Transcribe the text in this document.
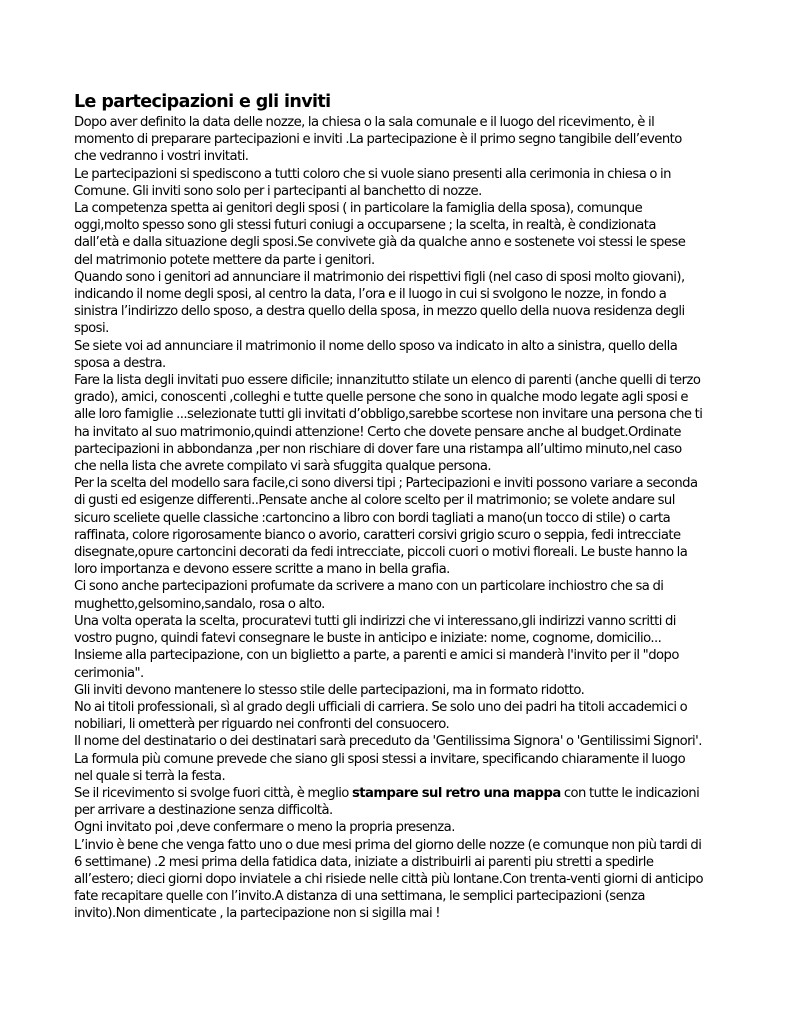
Le partecipazioni e gli inviti

Dopo aver definito la data delle nozze, la chiesa o la sala comunale e il luogo del ricevimento, è il momento di preparare partecipazioni e inviti .La partecipazione è il primo segno tangibile dell’evento che vedranno i vostri invitati.

Le partecipazioni si spediscono a tutti coloro che si vuole siano presenti alla cerimonia in chiesa o in Comune. Gli inviti sono solo per i partecipanti al banchetto di nozze.

La competenza spetta ai genitori degli sposi ( in particolare la famiglia della sposa), comunque oggi,molto spesso sono gli stessi futuri coniugi a occuparsene ; la scelta, in realtà, è condizionata dall’età e dalla situazione degli sposi.Se convivete già da qualche anno e sostenete voi stessi le spese del matrimonio potete mettere da parte i genitori.

Quando sono i genitori ad annunciare il matrimonio dei rispettivi figli (nel caso di sposi molto giovani), indicando il nome degli sposi, al centro la data, l’ora e il luogo in cui si svolgono le nozze, in fondo a sinistra l’indirizzo dello sposo, a destra quello della sposa, in mezzo quello della nuova residenza degli sposi.

Se siete voi ad annunciare il matrimonio il nome dello sposo va indicato in alto a sinistra, quello della sposa a destra.

Fare la lista degli invitati puo essere dificile; innanzitutto stilate un elenco di parenti (anche quelli di terzo grado), amici, conoscenti ,colleghi e tutte quelle persone che sono in qualche modo legate agli sposi e alle loro famiglie ...selezionate tutti gli invitati d’obbligo,sarebbe scortese non invitare una persona che ti ha invitato al suo matrimonio,quindi attenzione! Certo che dovete pensare anche al budget.Ordinate partecipazioni in abbondanza ,per non rischiare di dover fare una ristampa all’ultimo minuto,nel caso che nella lista che avrete compilato vi sarà sfuggita qualque persona.

Per la scelta del modello sara facile,ci sono diversi tipi ; Partecipazioni e inviti possono variare a seconda di gusti ed esigenze differenti..Pensate anche al colore scelto per il matrimonio; se volete andare sul sicuro sceliete quelle classiche :cartoncino a libro con bordi tagliati a mano(un tocco di stile) o carta raffinata, colore rigorosamente bianco o avorio, caratteri corsivi grigio scuro o seppia, fedi intrecciate disegnate,opure cartoncini decorati da fedi intrecciate, piccoli cuori o motivi floreali. Le buste hanno la loro importanza e devono essere scritte a mano in bella grafia.

Ci sono anche partecipazioni profumate da scrivere a mano con un particolare inchiostro che sa di mughetto,gelsomino,sandalo, rosa o alto.

Una volta operata la scelta, procuratevi tutti gli indirizzi che vi interessano,gli indirizzi vanno scritti di vostro pugno, quindi fatevi consegnare le buste in anticipo e iniziate: nome, cognome, domicilio...

Insieme alla partecipazione, con un biglietto a parte, a parenti e amici si manderà l'invito per il "dopo cerimonia".

Gli inviti devono mantenere lo stesso stile delle partecipazioni, ma in formato ridotto.

No ai titoli professionali, sì al grado degli ufficiali di carriera. Se solo uno dei padri ha titoli accademici o nobiliari, li ometterà per riguardo nei confronti del consuocero.

Il nome del destinatario o dei destinatari sarà preceduto da 'Gentilissima Signora' o 'Gentilissimi Signori'.

La formula più comune prevede che siano gli sposi stessi a invitare, specificando chiaramente il luogo nel quale si terrà la festa.

Se il ricevimento si svolge fuori città, è meglio stampare sul retro una mappa con tutte le indicazioni per arrivare a destinazione senza difficoltà.

Ogni invitato poi ,deve confermare o meno la propria presenza.

L’invio è bene che venga fatto uno o due mesi prima del giorno delle nozze (e comunque non più tardi di 6 settimane) .2 mesi prima della fatidica data, iniziate a distribuirli ai parenti piu stretti a spedirle all’estero; dieci giorni dopo inviatele a chi risiede nelle città più lontane.Con trenta-venti giorni di anticipo fate recapitare quelle con l’invito.A distanza di una settimana, le semplici partecipazioni (senza invito).Non dimenticate , la partecipazione non si sigilla mai !
